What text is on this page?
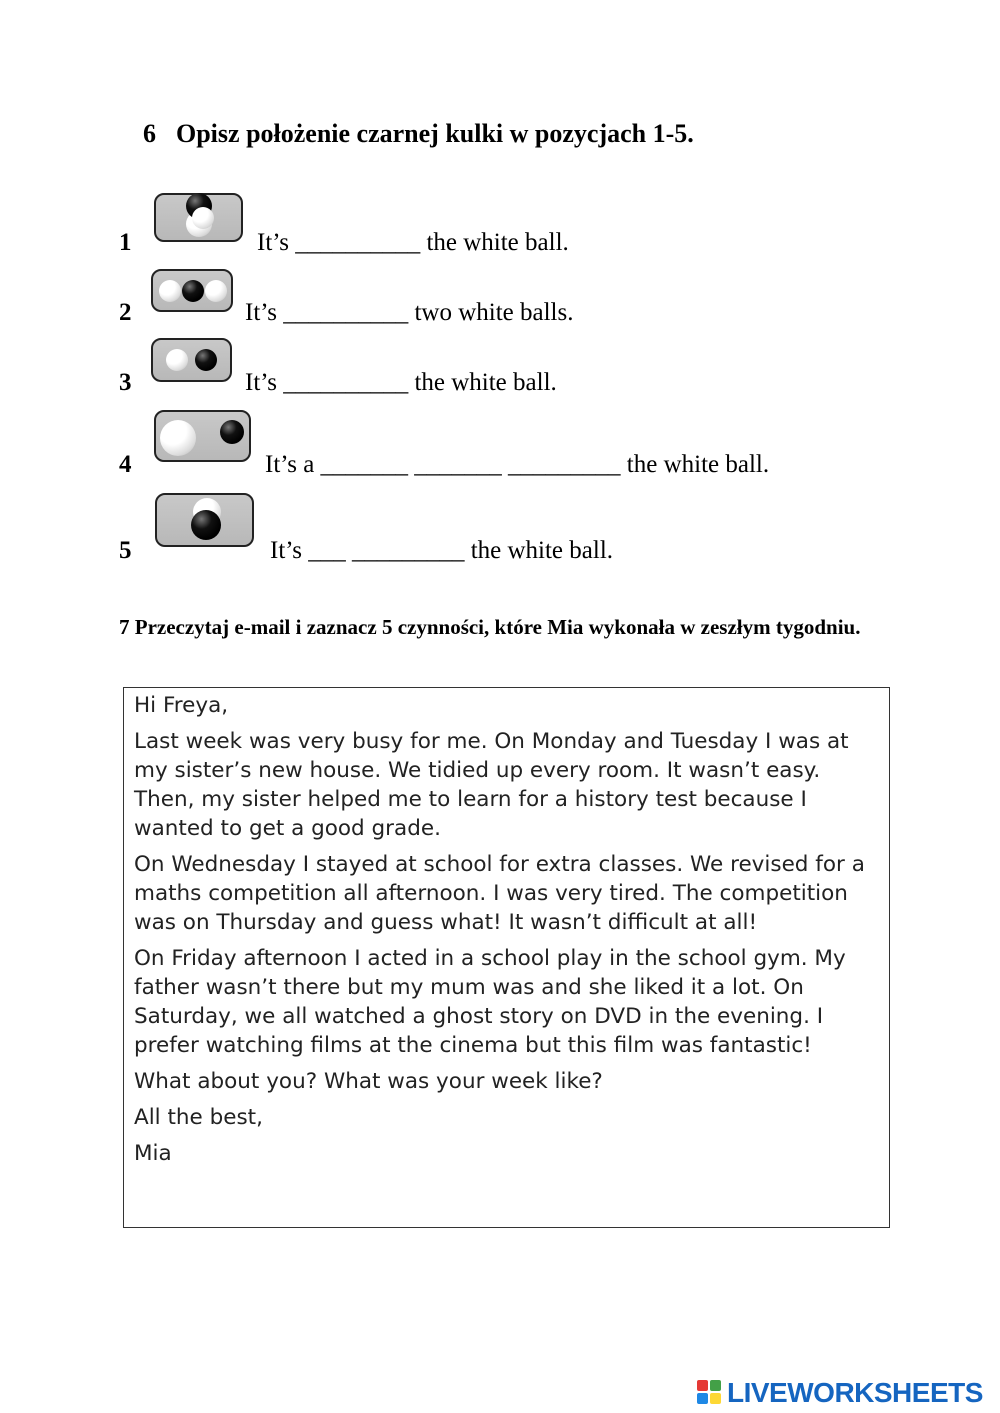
6 Opisz położenie czarnej kulki w pozycjach 1-5.
1	It’s __________ the white ball.
2	It’s __________ two white balls.
3	It’s __________ the white ball.
4	It’s a _______ _______ _________ the white ball.
5	It’s ___ _________ the white ball.
7 Przeczytaj e-mail i zaznacz 5 czynności, które Mia wykonała w zeszłym tygodniu.

Hi Freya,

Last week was very busy for me. On Monday and Tuesday I was at my sister’s new house. We tidied up every room. It wasn’t easy. Then, my sister helped me to learn for a history test because I wanted to get a good grade.

On Wednesday I stayed at school for extra classes. We revised for a maths competition all afternoon. I was very tired. The competition was on Thursday and guess what! It wasn’t difficult at all!

On Friday afternoon I acted in a school play in the school gym. My father wasn’t there but my mum was and she liked it a lot. On Saturday, we all watched a ghost story on DVD in the evening. I prefer watching films at the cinema but this film was fantastic!

What about you? What was your week like?

All the best,

Mia

LIVEWORKSHEETS
